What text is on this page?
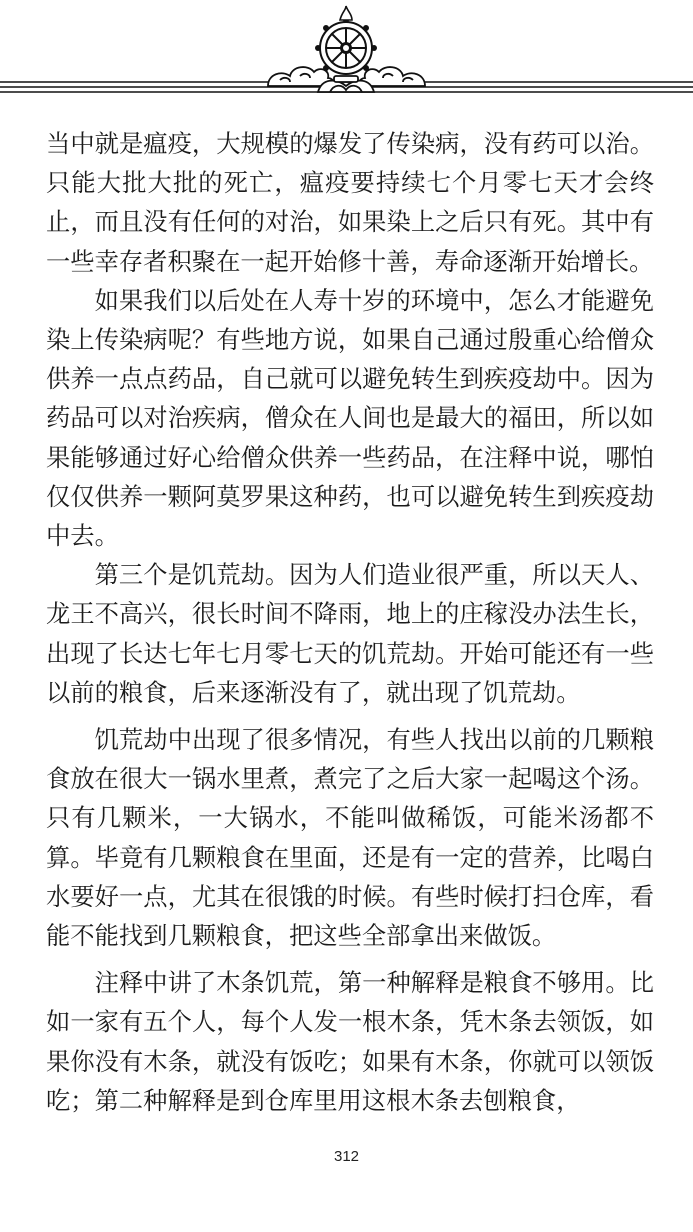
当中就是瘟疫，大规模的爆发了传染病，没有药可以治。只能大批大批的死亡，瘟疫要持续七个月零七天才会终止，而且没有任何的对治，如果染上之后只有死。其中有一些幸存者积聚在一起开始修十善，寿命逐渐开始增长。

如果我们以后处在人寿十岁的环境中，怎么才能避免染上传染病呢？有些地方说，如果自己通过殷重心给僧众供养一点点药品，自己就可以避免转生到疾疫劫中。因为药品可以对治疾病，僧众在人间也是最大的福田，所以如果能够通过好心给僧众供养一些药品，在注释中说，哪怕仅仅供养一颗阿莫罗果这种药，也可以避免转生到疾疫劫中去。

第三个是饥荒劫。因为人们造业很严重，所以天人、龙王不高兴，很长时间不降雨，地上的庄稼没办法生长，出现了长达七年七月零七天的饥荒劫。开始可能还有一些以前的粮食，后来逐渐没有了，就出现了饥荒劫。

饥荒劫中出现了很多情况，有些人找出以前的几颗粮食放在很大一锅水里煮，煮完了之后大家一起喝这个汤。只有几颗米，一大锅水，不能叫做稀饭，可能米汤都不算。毕竟有几颗粮食在里面，还是有一定的营养，比喝白水要好一点，尤其在很饿的时候。有些时候打扫仓库，看能不能找到几颗粮食，把这些全部拿出来做饭。

注释中讲了木条饥荒，第一种解释是粮食不够用。比如一家有五个人，每个人发一根木条，凭木条去领饭，如果你没有木条，就没有饭吃；如果有木条，你就可以领饭吃；第二种解释是到仓库里用这根木条去刨粮食，

312
